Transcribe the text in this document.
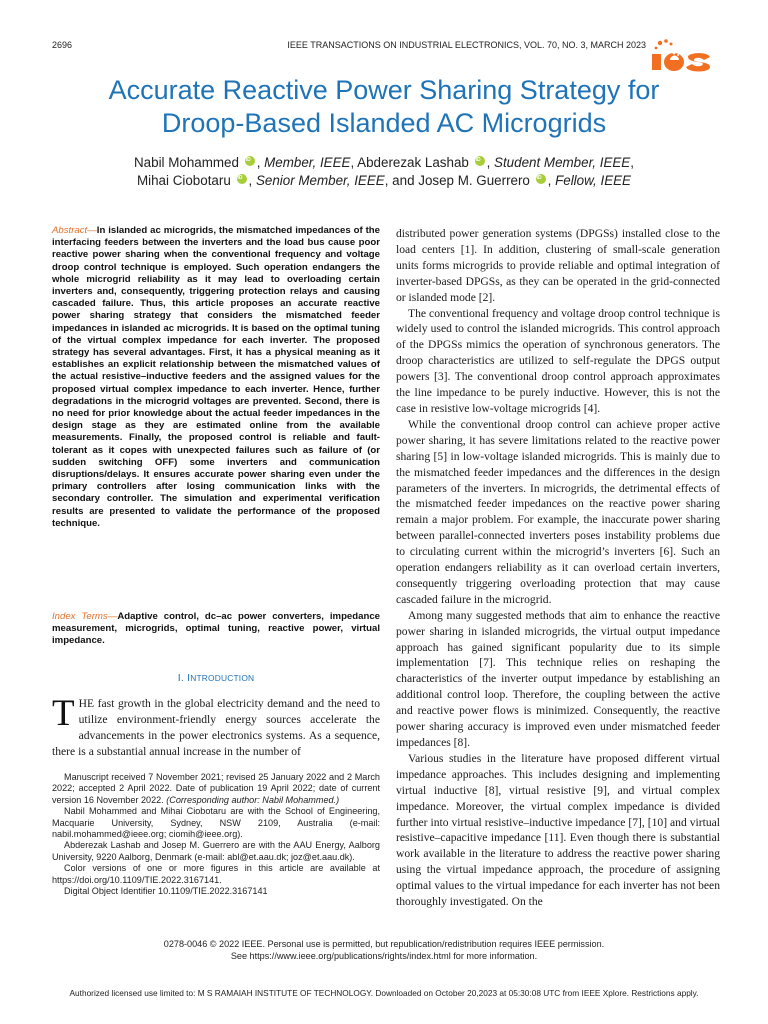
2696	IEEE TRANSACTIONS ON INDUSTRIAL ELECTRONICS, VOL. 70, NO. 3, MARCH 2023
Accurate Reactive Power Sharing Strategy for
Droop-Based Islanded AC Microgrids
Nabil Mohammed iD , Member, IEEE, Abderezak Lashab iD , Student Member, IEEE,
Mihai Ciobotaru iD , Senior Member, IEEE, and Josep M. Guerrero iD , Fellow, IEEE
Abstract—In islanded ac microgrids, the mismatched impedances of the interfacing feeders between the inverters and the load bus cause poor reactive power sharing when the conventional frequency and voltage droop control technique is employed. Such operation endangers the whole microgrid reliability as it may lead to overloading certain inverters and, consequently, triggering protection relays and causing cascaded failure. Thus, this article proposes an accurate reactive power sharing strategy that considers the mismatched feeder impedances in islanded ac microgrids. It is based on the optimal tuning of the virtual complex impedance for each inverter. The proposed strategy has several advantages. First, it has a physical meaning as it establishes an explicit relationship between the mismatched values of the actual resistive–inductive feeders and the assigned values for the proposed virtual complex impedance to each inverter. Hence, further degradations in the microgrid voltages are prevented. Second, there is no need for prior knowledge about the actual feeder impedances in the design stage as they are estimated online from the available measurements. Finally, the proposed control is reliable and fault-tolerant as it copes with unexpected failures such as failure of (or sudden switching OFF) some inverters and communication disruptions/delays. It ensures accurate power sharing even under the primary controllers after losing communication links with the secondary controller. The simulation and experimental verification results are presented to validate the performance of the proposed technique.
Index Terms—Adaptive control, dc–ac power converters, impedance measurement, microgrids, optimal tuning, reactive power, virtual impedance.
I. INTRODUCTION
THE fast growth in the global electricity demand and the need to utilize environment-friendly energy sources accelerate the advancements in the power electronics systems. As a sequence, there is a substantial annual increase in the number of

Manuscript received 7 November 2021; revised 25 January 2022 and 2 March 2022; accepted 2 April 2022. Date of publication 19 April 2022; date of current version 16 November 2022. (Corresponding author: Nabil Mohammed.)

Nabil Mohammed and Mihai Ciobotaru are with the School of Engineering, Macquarie University, Sydney, NSW 2109, Australia (e-mail: nabil.mohammed@ieee.org; ciomih@ieee.org).

Abderezak Lashab and Josep M. Guerrero are with the AAU Energy, Aalborg University, 9220 Aalborg, Denmark (e-mail: abl@et.aau.dk; joz@et.aau.dk).

Color versions of one or more figures in this article are available at https://doi.org/10.1109/TIE.2022.3167141.

Digital Object Identifier 10.1109/TIE.2022.3167141

distributed power generation systems (DPGSs) installed close to the load centers [1]. In addition, clustering of small-scale generation units forms microgrids to provide reliable and optimal integration of inverter-based DPGSs, as they can be operated in the grid-connected or islanded mode [2].

The conventional frequency and voltage droop control technique is widely used to control the islanded microgrids. This control approach of the DPGSs mimics the operation of synchronous generators. The droop characteristics are utilized to self-regulate the DPGS output powers [3]. The conventional droop control approach approximates the line impedance to be purely inductive. However, this is not the case in resistive low-voltage microgrids [4].

While the conventional droop control can achieve proper active power sharing, it has severe limitations related to the reactive power sharing [5] in low-voltage islanded microgrids. This is mainly due to the mismatched feeder impedances and the differences in the design parameters of the inverters. In microgrids, the detrimental effects of the mismatched feeder impedances on the reactive power sharing remain a major problem. For example, the inaccurate power sharing between parallel-connected inverters poses instability problems due to circulating current within the microgrid’s inverters [6]. Such an operation endangers reliability as it can overload certain inverters, consequently triggering overloading protection that may cause cascaded failure in the microgrid.

Among many suggested methods that aim to enhance the reactive power sharing in islanded microgrids, the virtual output impedance approach has gained significant popularity due to its simple implementation [7]. This technique relies on reshaping the characteristics of the inverter output impedance by establishing an additional control loop. Therefore, the coupling between the active and reactive power flows is minimized. Consequently, the reactive power sharing accuracy is improved even under mismatched feeder impedances [8].

Various studies in the literature have proposed different virtual impedance approaches. This includes designing and implementing virtual inductive [8], virtual resistive [9], and virtual complex impedance. Moreover, the virtual complex impedance is divided further into virtual resistive–inductive impedance [7], [10] and virtual resistive–capacitive impedance [11]. Even though there is substantial work available in the literature to address the reactive power sharing using the virtual impedance approach, the procedure of assigning optimal values to the virtual impedance for each inverter has not been thoroughly investigated. On the

0278-0046 © 2022 IEEE. Personal use is permitted, but republication/redistribution requires IEEE permission.
See https://www.ieee.org/publications/rights/index.html for more information.
Authorized licensed use limited to: M S RAMAIAH INSTITUTE OF TECHNOLOGY. Downloaded on October 20,2023 at 05:30:08 UTC from IEEE Xplore. Restrictions apply.
